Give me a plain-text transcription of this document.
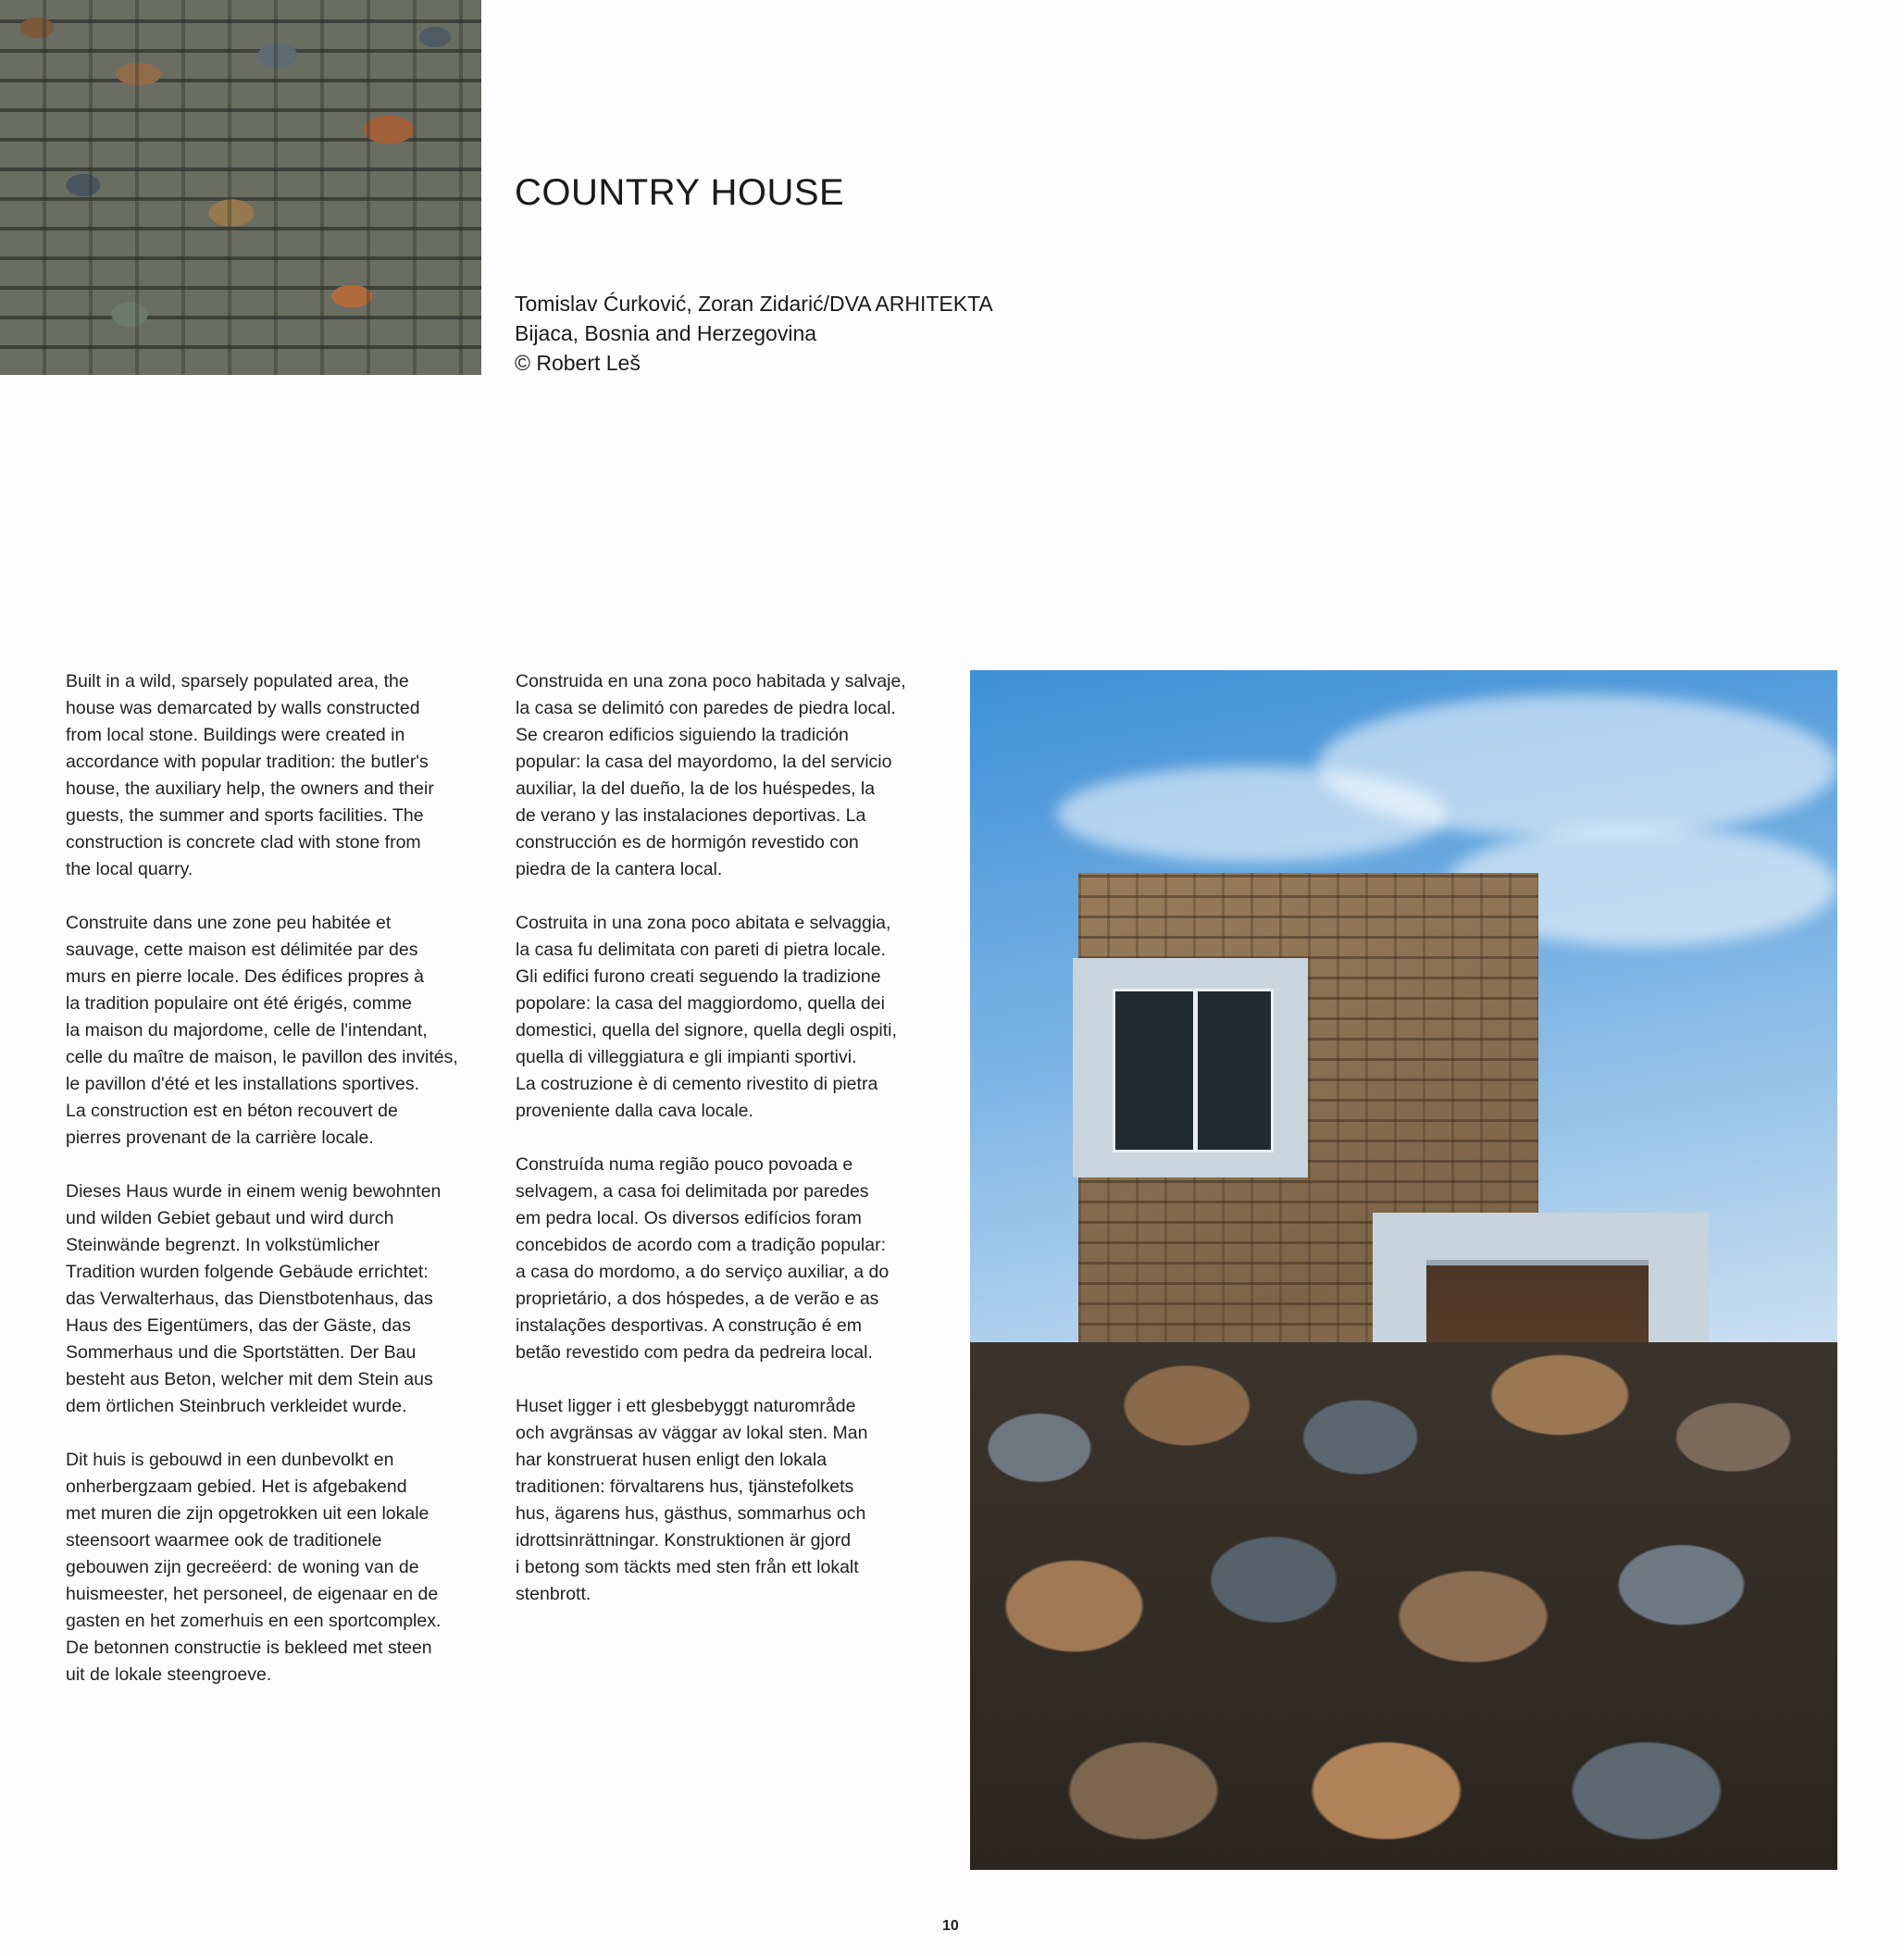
COUNTRY HOUSE
Tomislav Ćurković, Zoran Zidarić/DVA ARHITEKTA
Bijaca, Bosnia and Herzegovina
© Robert Leš

Built in a wild, sparsely populated area, the
house was demarcated by walls constructed
from local stone. Buildings were created in
accordance with popular tradition: the butler's
house, the auxiliary help, the owners and their
guests, the summer and sports facilities. The
construction is concrete clad with stone from
the local quarry.

Construite dans une zone peu habitée et
sauvage, cette maison est délimitée par des
murs en pierre locale. Des édifices propres à
la tradition populaire ont été érigés, comme
la maison du majordome, celle de l'intendant,
celle du maître de maison, le pavillon des invités,
le pavillon d'été et les installations sportives.
La construction est en béton recouvert de
pierres provenant de la carrière locale.

Dieses Haus wurde in einem wenig bewohnten
und wilden Gebiet gebaut und wird durch
Steinwände begrenzt. In volkstümlicher
Tradition wurden folgende Gebäude errichtet:
das Verwalterhaus, das Dienstbotenhaus, das
Haus des Eigentümers, das der Gäste, das
Sommerhaus und die Sportstätten. Der Bau
besteht aus Beton, welcher mit dem Stein aus
dem örtlichen Steinbruch verkleidet wurde.

Dit huis is gebouwd in een dunbevolkt en
onherbergzaam gebied. Het is afgebakend
met muren die zijn opgetrokken uit een lokale
steensoort waarmee ook de traditionele
gebouwen zijn gecreëerd: de woning van de
huismeester, het personeel, de eigenaar en de
gasten en het zomerhuis en een sportcomplex.
De betonnen constructie is bekleed met steen
uit de lokale steengroeve.

Construida en una zona poco habitada y salvaje,
la casa se delimitó con paredes de piedra local.
Se crearon edificios siguiendo la tradición
popular: la casa del mayordomo, la del servicio
auxiliar, la del dueño, la de los huéspedes, la
de verano y las instalaciones deportivas. La
construcción es de hormigón revestido con
piedra de la cantera local.

Costruita in una zona poco abitata e selvaggia,
la casa fu delimitata con pareti di pietra locale.
Gli edifici furono creati seguendo la tradizione
popolare: la casa del maggiordomo, quella dei
domestici, quella del signore, quella degli ospiti,
quella di villeggiatura e gli impianti sportivi.
La costruzione è di cemento rivestito di pietra
proveniente dalla cava locale.

Construída numa região pouco povoada e
selvagem, a casa foi delimitada por paredes
em pedra local. Os diversos edifícios foram
concebidos de acordo com a tradição popular:
a casa do mordomo, a do serviço auxiliar, a do
proprietário, a dos hóspedes, a de verão e as
instalações desportivas. A construção é em
betão revestido com pedra da pedreira local.

Huset ligger i ett glesbebyggt naturområde
och avgränsas av väggar av lokal sten. Man
har konstruerat husen enligt den lokala
traditionen: förvaltarens hus, tjänstefolkets
hus, ägarens hus, gästhus, sommarhus och
idrottsinrättningar. Konstruktionen är gjord
i betong som täckts med sten från ett lokalt
stenbrott.

10
